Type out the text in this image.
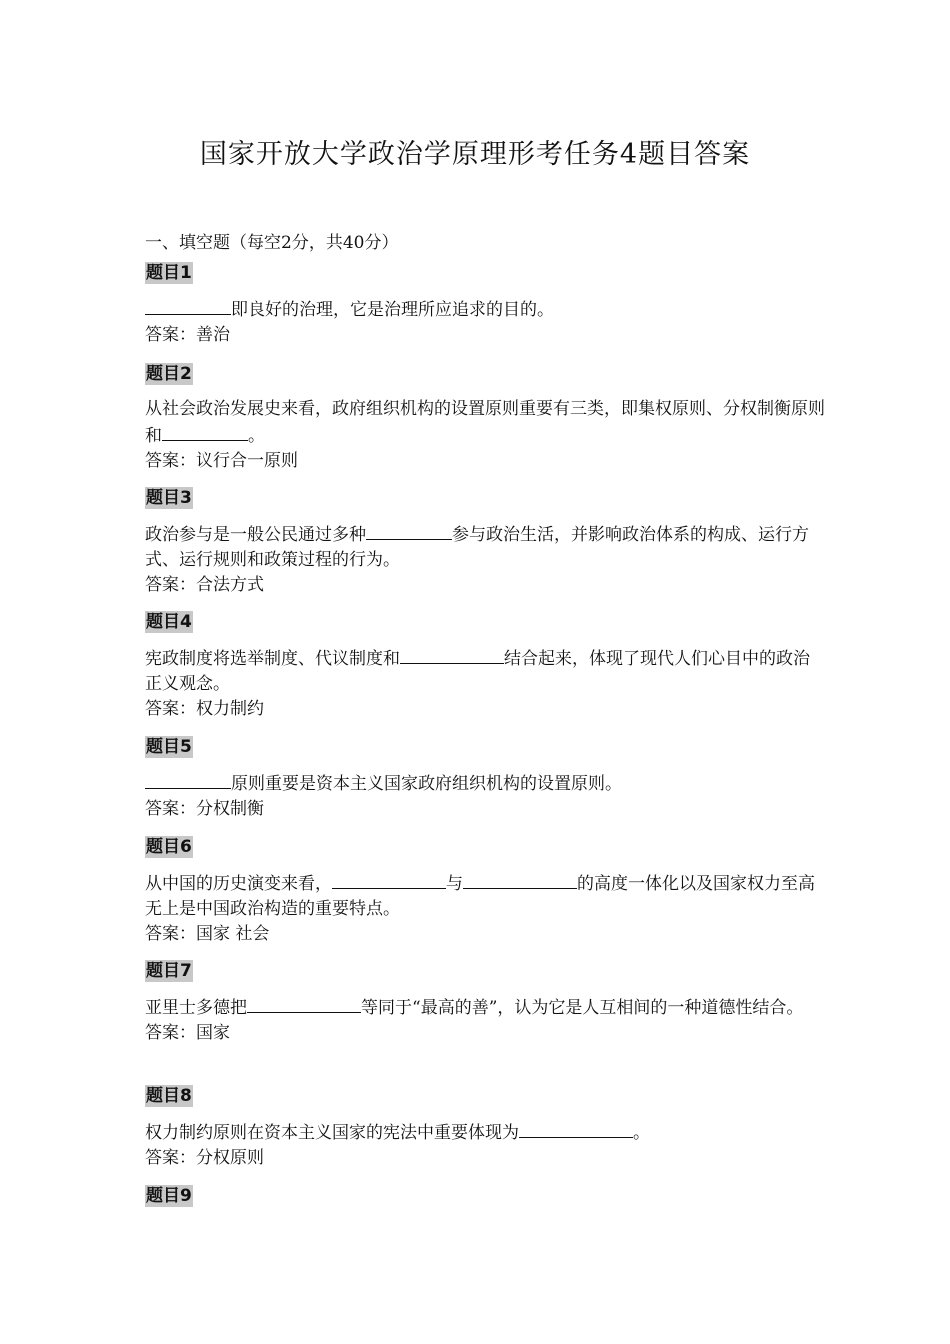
国家开放大学政治学原理形考任务4题目答案
一、填空题（每空2分，共40分）
题目1
即良好的治理，它是治理所应追求的目的。
答案：善治
题目2
从社会政治发展史来看，政府组织机构的设置原则重要有三类，即集权原则、分权制衡原则和	。
答案：议行合一原则
题目3
政治参与是一般公民通过多种	参与政治生活，并影响政治体系的构成、运行方式、运行规则和政策过程的行为。
答案：合法方式
题目4
宪政制度将选举制度、代议制度和	结合起来，体现了现代人们心目中的政治正义观念。
答案：权力制约
题目5
原则重要是资本主义国家政府组织机构的设置原则。
答案：分权制衡
题目6
从中国的历史演变来看，	与	的高度一体化以及国家权力至高无上是中国政治构造的重要特点。
答案：国家 社会
题目7
亚里士多德把	等同于“最高的善”，认为它是人互相间的一种道德性结合。
答案：国家
题目8
权力制约原则在资本主义国家的宪法中重要体现为	。
答案：分权原则
题目9
